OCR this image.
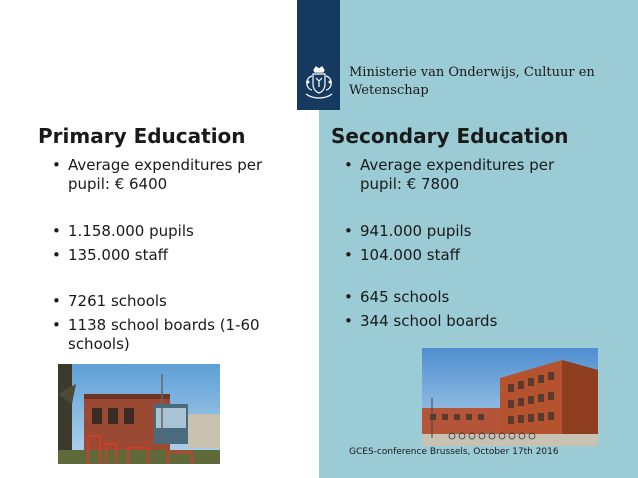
Ministerie van Onderwijs, Cultuur en
Wetenschap
Primary Education
• Average expenditures per pupil: € 6400
• 1.158.000 pupils
• 135.000 staff
• 7261 schools
• 1138 school boards (1-60 schools)
Secondary Education
• Average expenditures per pupil: € 7800
• 941.000 pupils
• 104.000 staff
• 645 schools
• 344 school boards
GCES-conference Brussels, October 17th 2016
